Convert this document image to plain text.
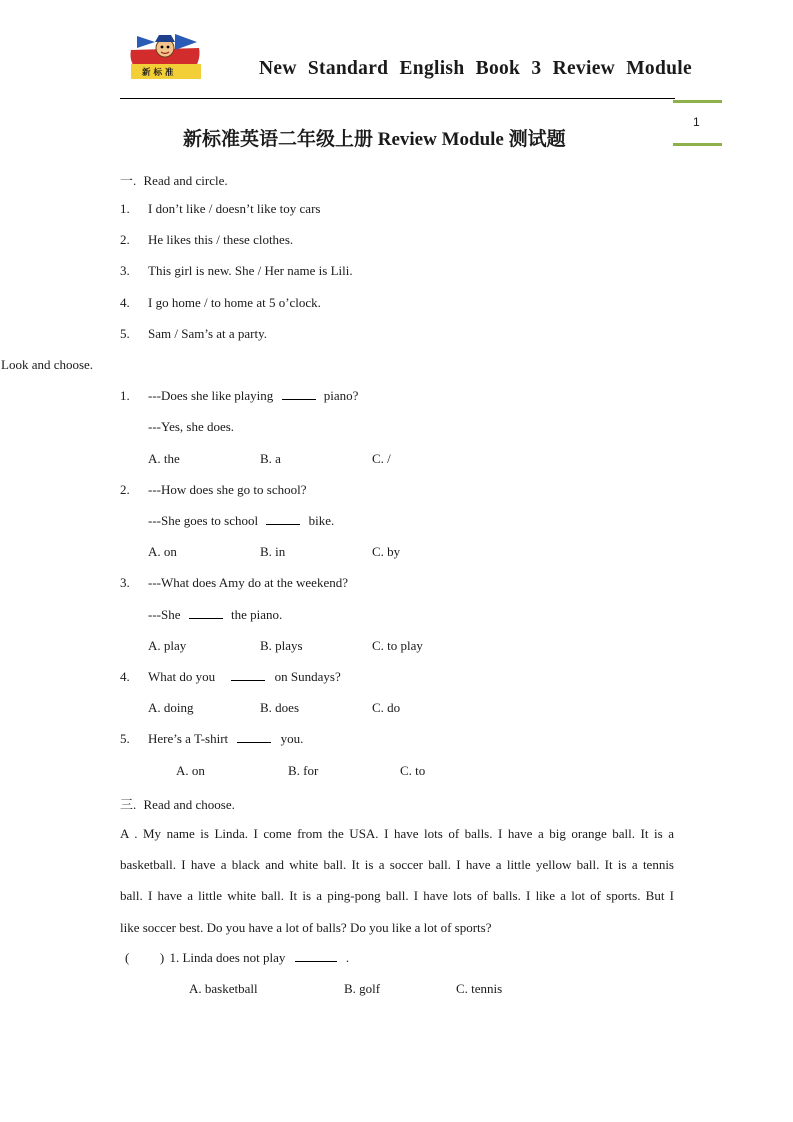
新 标 准	New Standard English Book 3 Review Module
1
新标准英语二年级上册 Review Module 测试题
一. Read and circle.
1. I don’t like / doesn’t like toy cars
2. He likes this / these clothes.
3. This girl is new. She / Her name is Lili.
4. I go home / to home at 5 o’clock.
5. Sam / Sam’s at a party.
Look and choose.
1. ---Does she like playing	piano?
---Yes, she does.
A. the	B. a	C. /
2. ---How does she go to school?
---She goes to school	bike.
A. on	B. in	C. by
3. ---What does Amy do at the weekend?
---She	the piano.
A. play	B. plays	C. to play
4. What do you	on Sundays?
A. doing	B. does	C. do
5. Here’s a T-shirt	you.
A. on	B. for	C. to
三. Read and choose.
A . My name is Linda. I come from the USA. I have lots of balls. I have a big orange ball. It is a
basketball. I have a black and white ball. It is a soccer ball. I have a little yellow ball. It is a tennis
ball. I have a little white ball. It is a ping-pong ball. I have lots of balls. I like a lot of sports. But I
like soccer best. Do you have a lot of balls? Do you like a lot of sports?
( ) 1. Linda does not play	.
A. basketball	B. golf	C. tennis
